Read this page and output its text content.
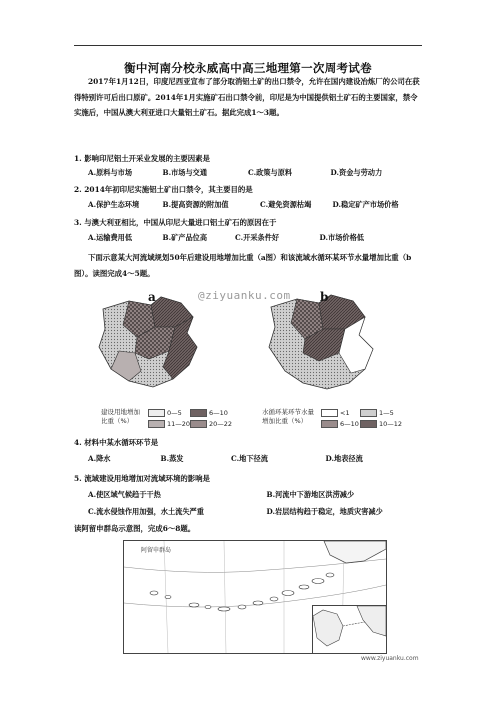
衡中河南分校永威高中高三地理第一次周考试卷
2017年1月12日，印度尼西亚宣布了部分取消铝土矿的出口禁令，允许在国内建设冶炼厂的公司在获得特别许可后出口原矿。2014年1月实施矿石出口禁令前，印尼是为中国提供铝土矿石的主要国家，禁令实施后，中国从澳大利亚进口大量铝土矿石。据此完成1～3题。
1. 影响印尼铝土开采业发展的主要因素是
A.原料与市场	B.市场与交通	C.政策与原料	D.资金与劳动力
2. 2014年初印尼实施铝土矿出口禁令，其主要目的是
A.保护生态环境	B.提高资源的附加值	C.避免资源枯竭	D.稳定矿产市场价格
3. 与澳大利亚相比，中国从印尼大量进口铝土矿石的原因在于
A.运输费用低	B.矿产品位高	C.开采条件好	D.市场价格低
下面示意某大河流域规划50年后建设用地增加比重（a图）和该流域水循环某环节水量增加比重（b图）。读图完成4～5题。
@ziyuanku.com
a	b
建设用地增加比重（%）
0—5	6—10
11—20	20—22
水循环某环节水量增加比重（%）
<1	1—5
6—10	10—12
4. 材料中某水循环环节是
A.降水	B.蒸发	C.地下径流	D.地表径流
5. 流域建设用地增加对流域环境的影响是
A.使区域气候趋于干热	B.河流中下游地区洪涝减少
C.流水侵蚀作用加强，水土流失严重	D.岩层结构趋于稳定，地质灾害减少
读阿留申群岛示意图，完成6～8题。
阿留申群岛
www.ziyuanku.com
